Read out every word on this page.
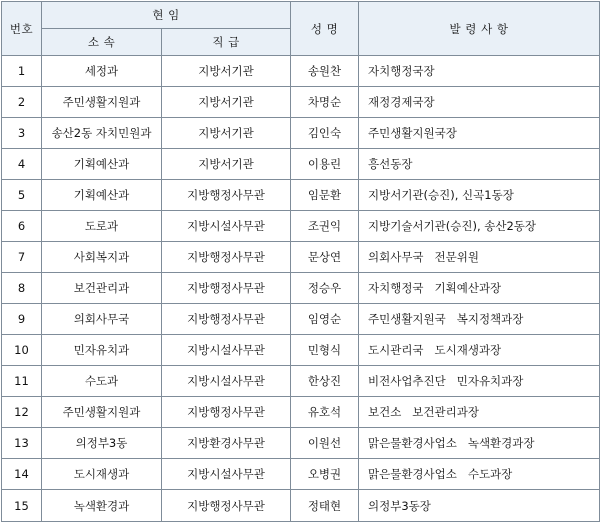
번호	현 임		성 명	발 령 사 항
	소 속	직 급		
1	세정과	지방서기관	송원찬	자치행정국장
2	주민생활지원과	지방서기관	차명순	재정경제국장
3	송산2동 자치민원과	지방서기관	김인숙	주민생활지원국장
4	기획예산과	지방서기관	이용린	흥선동장
5	기획예산과	지방행정사무관	임문환	지방서기관(승진), 신곡1동장
6	도로과	지방시설사무관	조권익	지방기술서기관(승진), 송산2동장
7	사회복지과	지방행정사무관	문상연	의회사무국   전문위원
8	보건관리과	지방행정사무관	정승우	자치행정국   기획예산과장
9	의회사무국	지방행정사무관	임영순	주민생활지원국   복지정책과장
10	민자유치과	지방시설사무관	민형식	도시관리국   도시재생과장
11	수도과	지방시설사무관	한상진	비전사업추진단   민자유치과장
12	주민생활지원과	지방행정사무관	유호석	보건소   보건관리과장
13	의정부3동	지방환경사무관	이원선	맑은물환경사업소   녹색환경과장
14	도시재생과	지방시설사무관	오병권	맑은물환경사업소   수도과장
15	녹색환경과	지방행정사무관	정태현	의정부3동장
